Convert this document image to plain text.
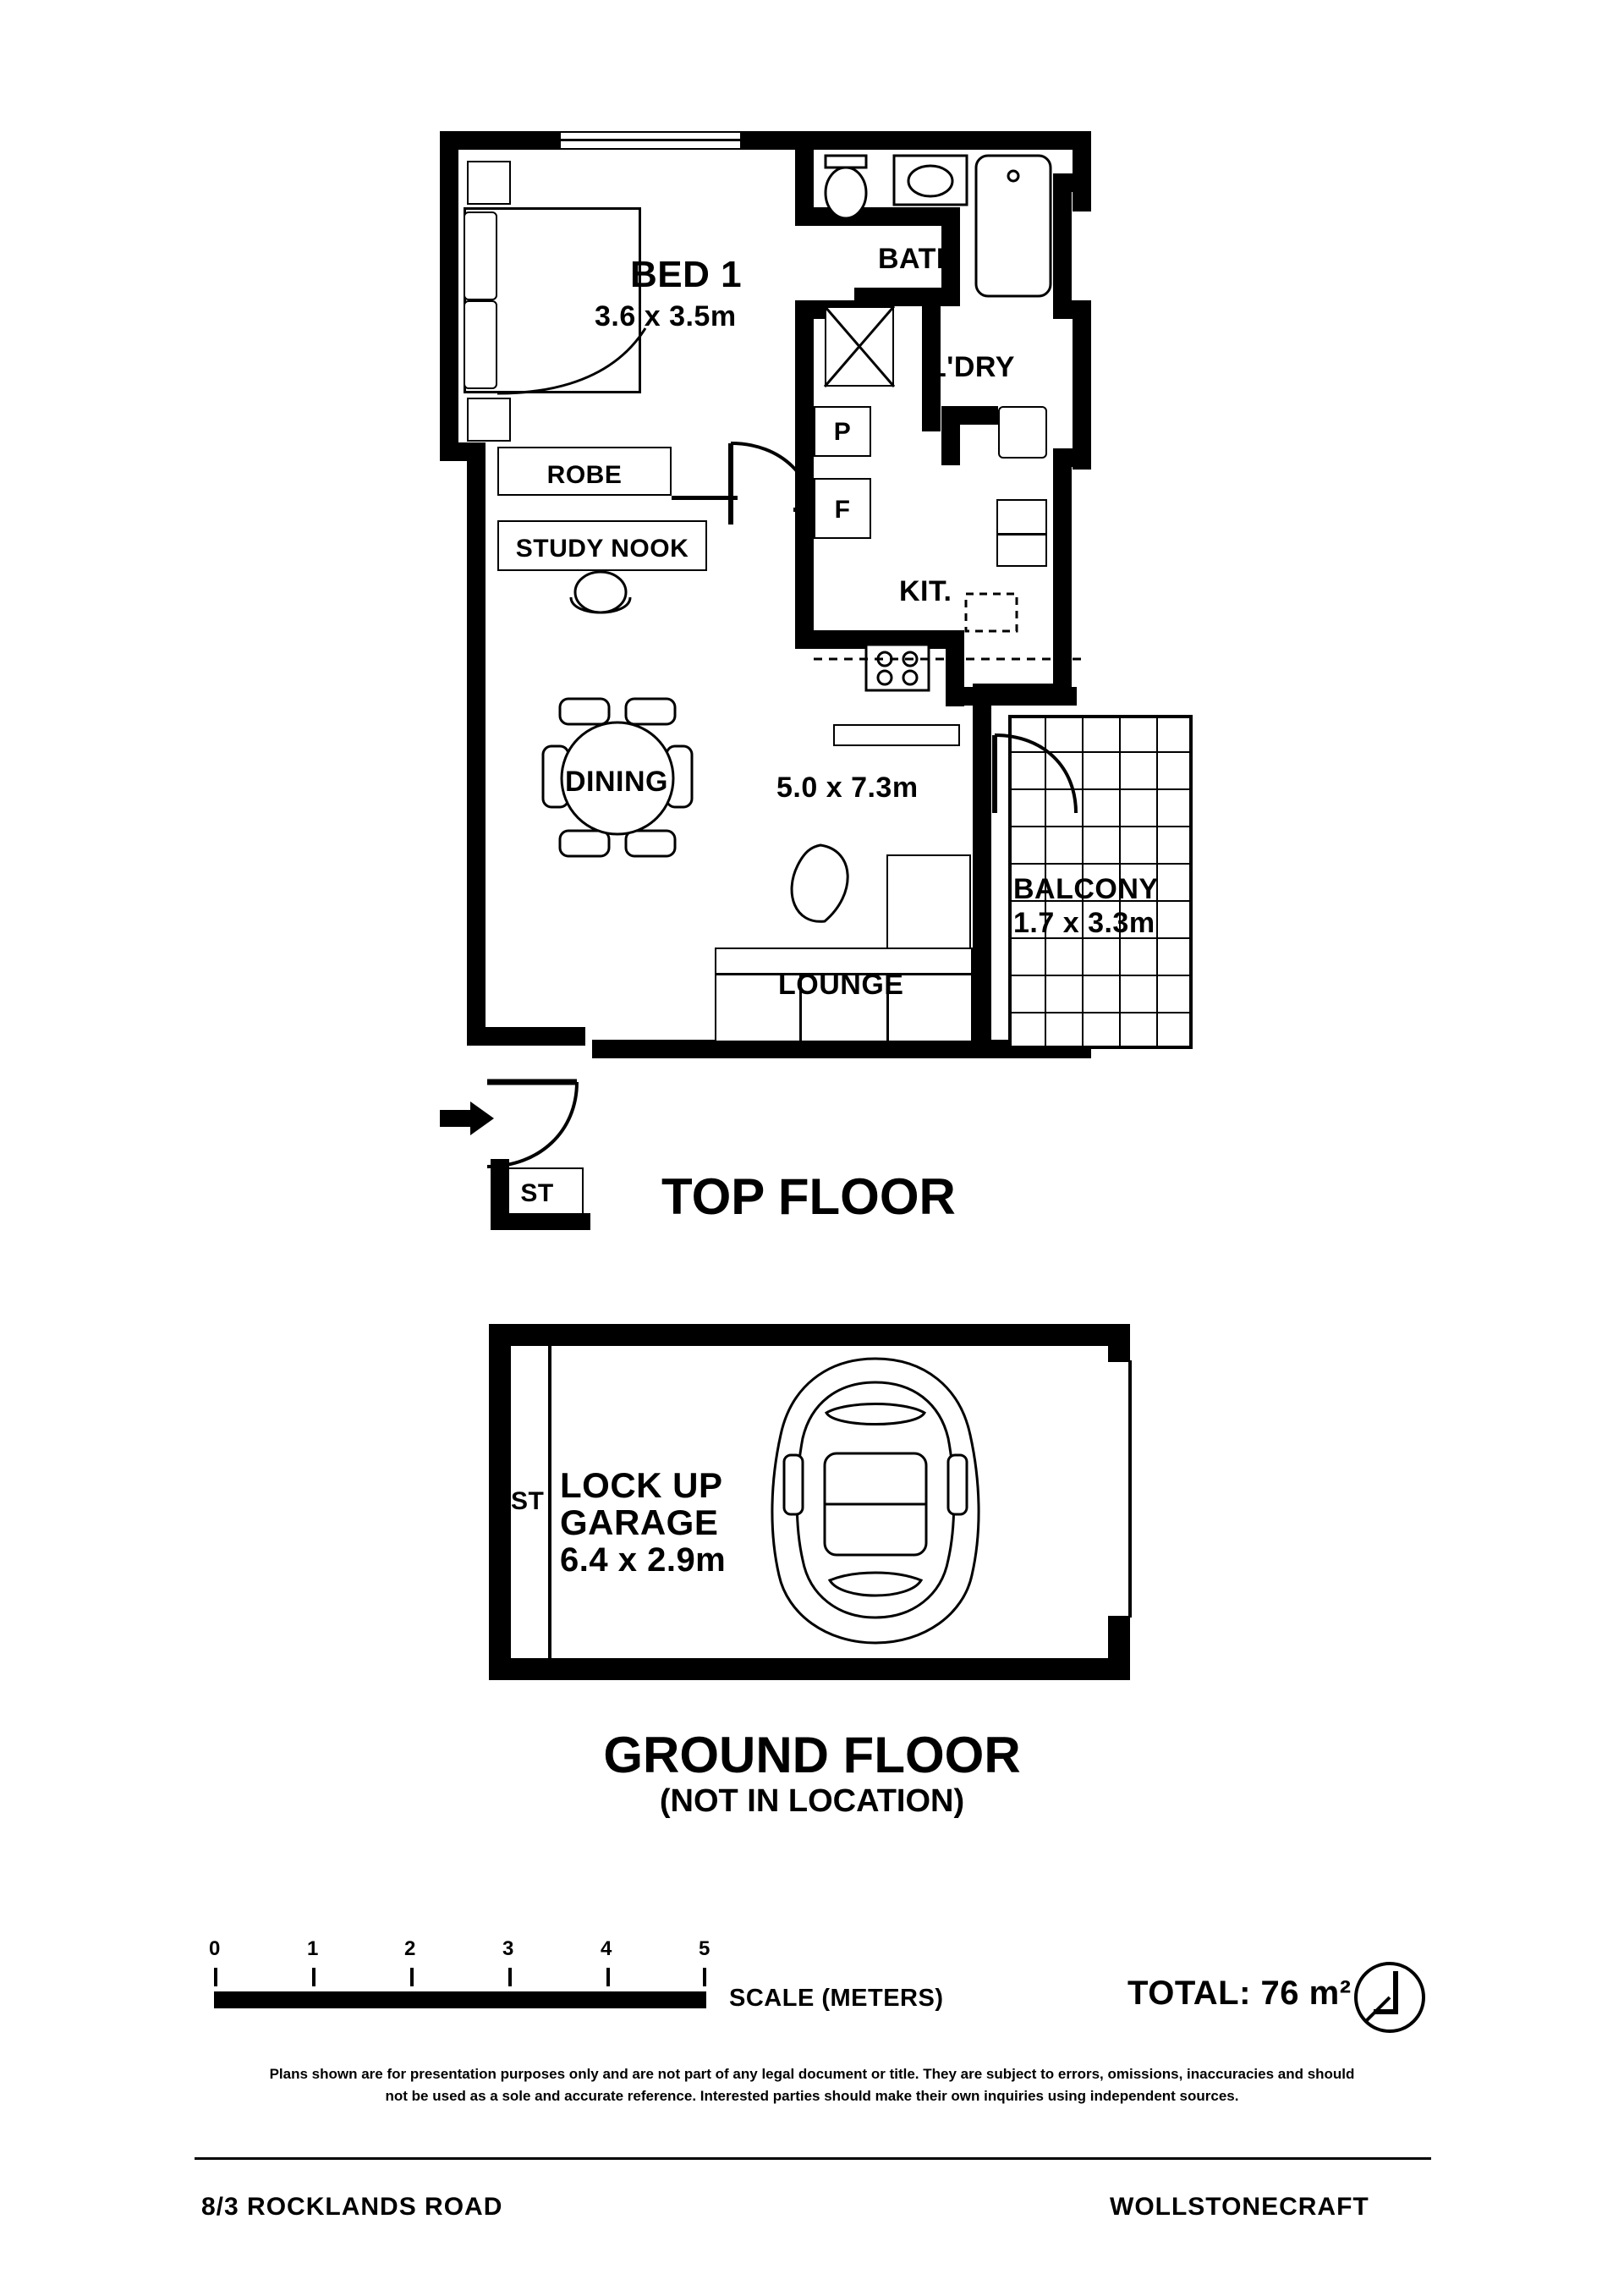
BED 1
3.6 x 3.5m
ROBE
STUDY NOOK
BATH
L'DRY
P
F
KIT.
5.0 x 7.3m
DINING
LOUNGE
BALCONY
1.7 x 3.3m
ST	TOP FLOOR
ST LOCK UP
GARAGE
6.4 x 2.9m
GROUND FLOOR
(NOT IN LOCATION)
0	1	2	3	4	5
SCALE (METERS)	TOTAL: 76 m²
Plans shown are for presentation purposes only and are not part of any legal document or title. They are subject to errors, omissions, inaccuracies and should
not be used as a sole and accurate reference. Interested parties should make their own inquiries using independent sources.
8/3 ROCKLANDS ROAD	WOLLSTONECRAFT
